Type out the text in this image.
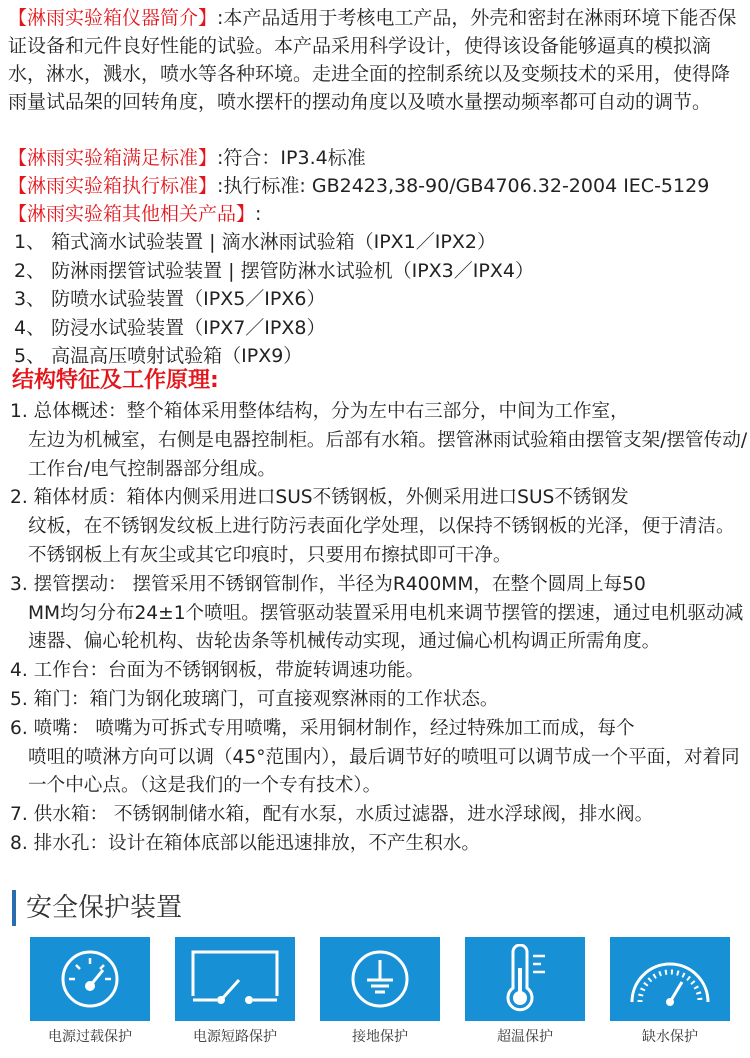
【淋雨实验箱仪器简介】:本产品适用于考核电工产品，外壳和密封在淋雨环境下能否保证设备和元件良好性能的试验。本产品采用科学设计，使得该设备能够逼真的模拟滴水，淋水，溅水，喷水等各种环境。走进全面的控制系统以及变频技术的采用，使得降雨量试品架的回转角度，喷水摆杆的摆动角度以及喷水量摆动频率都可自动的调节。

【淋雨实验箱满足标准】:符合：IP3.4标准
【淋雨实验箱执行标准】:执行标准: GB2423,38-90/GB4706.32-2004 IEC-5129
【淋雨实验箱其他相关产品】:
1、 箱式滴水试验装置 | 滴水淋雨试验箱（IPX1／IPX2）
2、 防淋雨摆管试验装置 | 摆管防淋水试验机（IPX3／IPX4）
3、 防喷水试验装置（IPX5／IPX6）
4、 防浸水试验装置（IPX7／IPX8）
5、 高温高压喷射试验箱（IPX9）
结构特征及工作原理:
1. 总体概述：整个箱体采用整体结构，分为左中右三部分，中间为工作室，
左边为机械室，右侧是电器控制柜。后部有水箱。摆管淋雨试验箱由摆管支架/摆管传动/工作台/电气控制器部分组成。
2. 箱体材质：箱体内侧采用进口SUS不锈钢板，外侧采用进口SUS不锈钢发
纹板，在不锈钢发纹板上进行防污表面化学处理，以保持不锈钢板的光泽，便于清洁。不锈钢板上有灰尘或其它印痕时，只要用布擦拭即可干净。
3. 摆管摆动： 摆管采用不锈钢管制作，半径为R400MM，在整个圆周上每50
MM均匀分布24±1个喷咀。摆管驱动装置采用电机来调节摆管的摆速，通过电机驱动减速器、偏心轮机构、齿轮齿条等机械传动实现，通过偏心机构调正所需角度。
4. 工作台：台面为不锈钢钢板，带旋转调速功能。
5. 箱门：箱门为钢化玻璃门，可直接观察淋雨的工作状态。
6. 喷嘴： 喷嘴为可拆式专用喷嘴，采用铜材制作，经过特殊加工而成，每个
喷咀的喷淋方向可以调（45°范围内），最后调节好的喷咀可以调节成一个平面，对着同一个中心点。（这是我们的一个专有技术）。
7. 供水箱： 不锈钢制储水箱，配有水泵，水质过滤器，进水浮球阀，排水阀。
8. 排水孔：设计在箱体底部以能迅速排放，不产生积水。
安全保护装置
电源过载保护	电源短路保护	接地保护	超温保护	缺水保护
